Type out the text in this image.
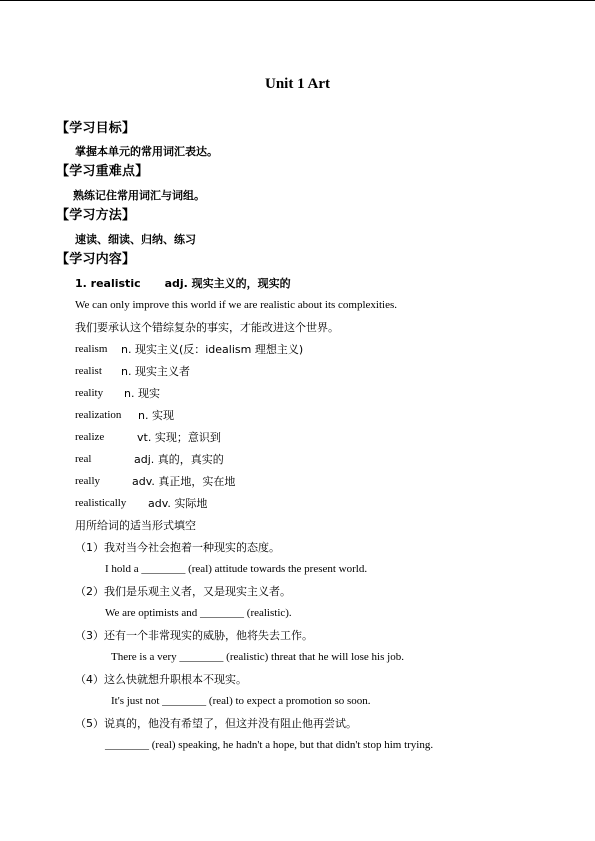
Unit 1 Art
【学习目标】
掌握本单元的常用词汇表达。
【学习重难点】
熟练记住常用词汇与词组。
【学习方法】
速读、细读、归纳、练习
【学习内容】
1. realistic adj. 现实主义的，现实的
We can only improve this world if we are realistic about its complexities.
我们要承认这个错综复杂的事实，才能改进这个世界。
realism n. 现实主义(反：idealism 理想主义)
realist n. 现实主义者
reality n. 现实
realization n. 实现
realize	vt. 实现；意识到
real	adj. 真的，真实的
really	adv. 真正地，实在地
realistically adv. 实际地
用所给词的适当形式填空
（1）我对当今社会抱着一种现实的态度。
I hold a ________ (real) attitude towards the present world.
（2）我们是乐观主义者，又是现实主义者。
We are optimists and ________ (realistic).
（3）还有一个非常现实的威胁，他将失去工作。
There is a very ________ (realistic) threat that he will lose his job.
（4）这么快就想升职根本不现实。
It's just not ________ (real) to expect a promotion so soon.
（5）说真的，他没有希望了，但这并没有阻止他再尝试。
________ (real) speaking, he hadn't a hope, but that didn't stop him trying.
